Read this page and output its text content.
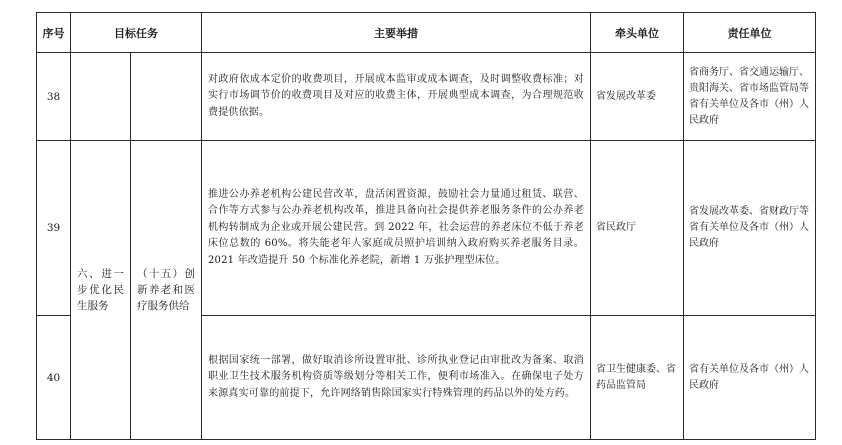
序号	目标任务		主要举措	牵头单位	责任单位
38			对政府依成本定价的收费项目，开展成本监审或成本调查，及时调整收费标准；对实行市场调节价的收费项目及对应的收费主体，开展典型成本调查，为合理规范收费提供依据。	省发展改革委	省商务厅、省交通运输厅、贵阳海关、省市场监管局等省有关单位及各市（州）人民政府
39	六、进一步优化民生服务	（十五）创新养老和医疗服务供给	推进公办养老机构公建民营改革，盘活闲置资源，鼓励社会力量通过租赁、联营、合作等方式参与公办养老机构改革，推进具备向社会提供养老服务条件的公办养老机构转制成为企业或开展公建民营。到 2022 年，社会运营的养老床位不低于养老床位总数的 60%。将失能老年人家庭成员照护培训纳入政府购买养老服务目录。2021 年改造提升 50 个标准化养老院，新增 1 万张护理型床位。	省民政厅	省发展改革委、省财政厅等省有关单位及各市（州）人民政府
40			根据国家统一部署，做好取消诊所设置审批、诊所执业登记由审批改为备案、取消职业卫生技术服务机构资质等级划分等相关工作，便利市场准入。在确保电子处方来源真实可靠的前提下，允许网络销售除国家实行特殊管理的药品以外的处方药。	省卫生健康委、省药品监管局	省有关单位及各市（州）人民政府
